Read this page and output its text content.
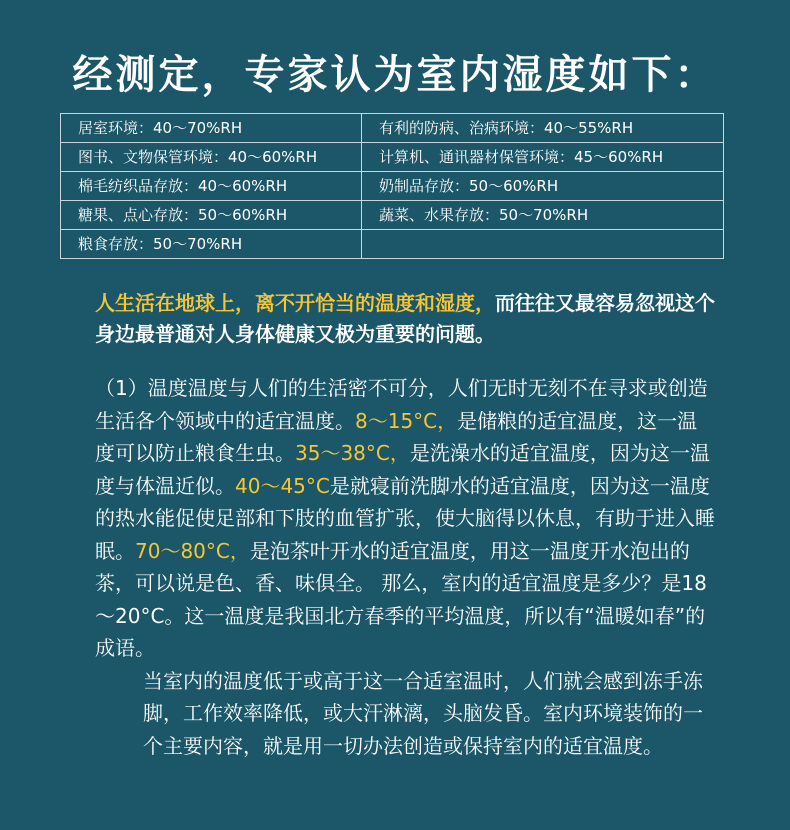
经测定，专家认为室内湿度如下：
居室环境：40～70%RH	有利的防病、治病环境：40～55%RH
图书、文物保管环境：40～60%RH	计算机、通讯器材保管环境：45～60%RH
棉毛纺织品存放：40～60%RH	奶制品存放：50～60%RH
糖果、点心存放：50～60%RH	蔬菜、水果存放：50～70%RH
粮食存放：50～70%RH	
人生活在地球上，离不开恰当的温度和湿度，而往往又最容易忽视这个身边最普通对人身体健康又极为重要的问题。

（1）温度温度与人们的生活密不可分，人们无时无刻不在寻求或创造生活各个领域中的适宜温度。8～15°C，是储粮的适宜温度，这一温度可以防止粮食生虫。35～38°C，是洗澡水的适宜温度，因为这一温度与体温近似。40～45°C是就寝前洗脚水的适宜温度，因为这一温度的热水能促使足部和下肢的血管扩张，使大脑得以休息，有助于进入睡眠。70～80°C，是泡茶叶开水的适宜温度，用这一温度开水泡出的茶，可以说是色、香、味俱全。 那么，室内的适宜温度是多少？是18～20°C。这一温度是我国北方春季的平均温度，所以有“温暖如春”的成语。

当室内的温度低于或高于这一合适室温时，人们就会感到冻手冻脚，工作效率降低，或大汗淋漓，头脑发昏。室内环境装饰的一个主要内容，就是用一切办法创造或保持室内的适宜温度。
